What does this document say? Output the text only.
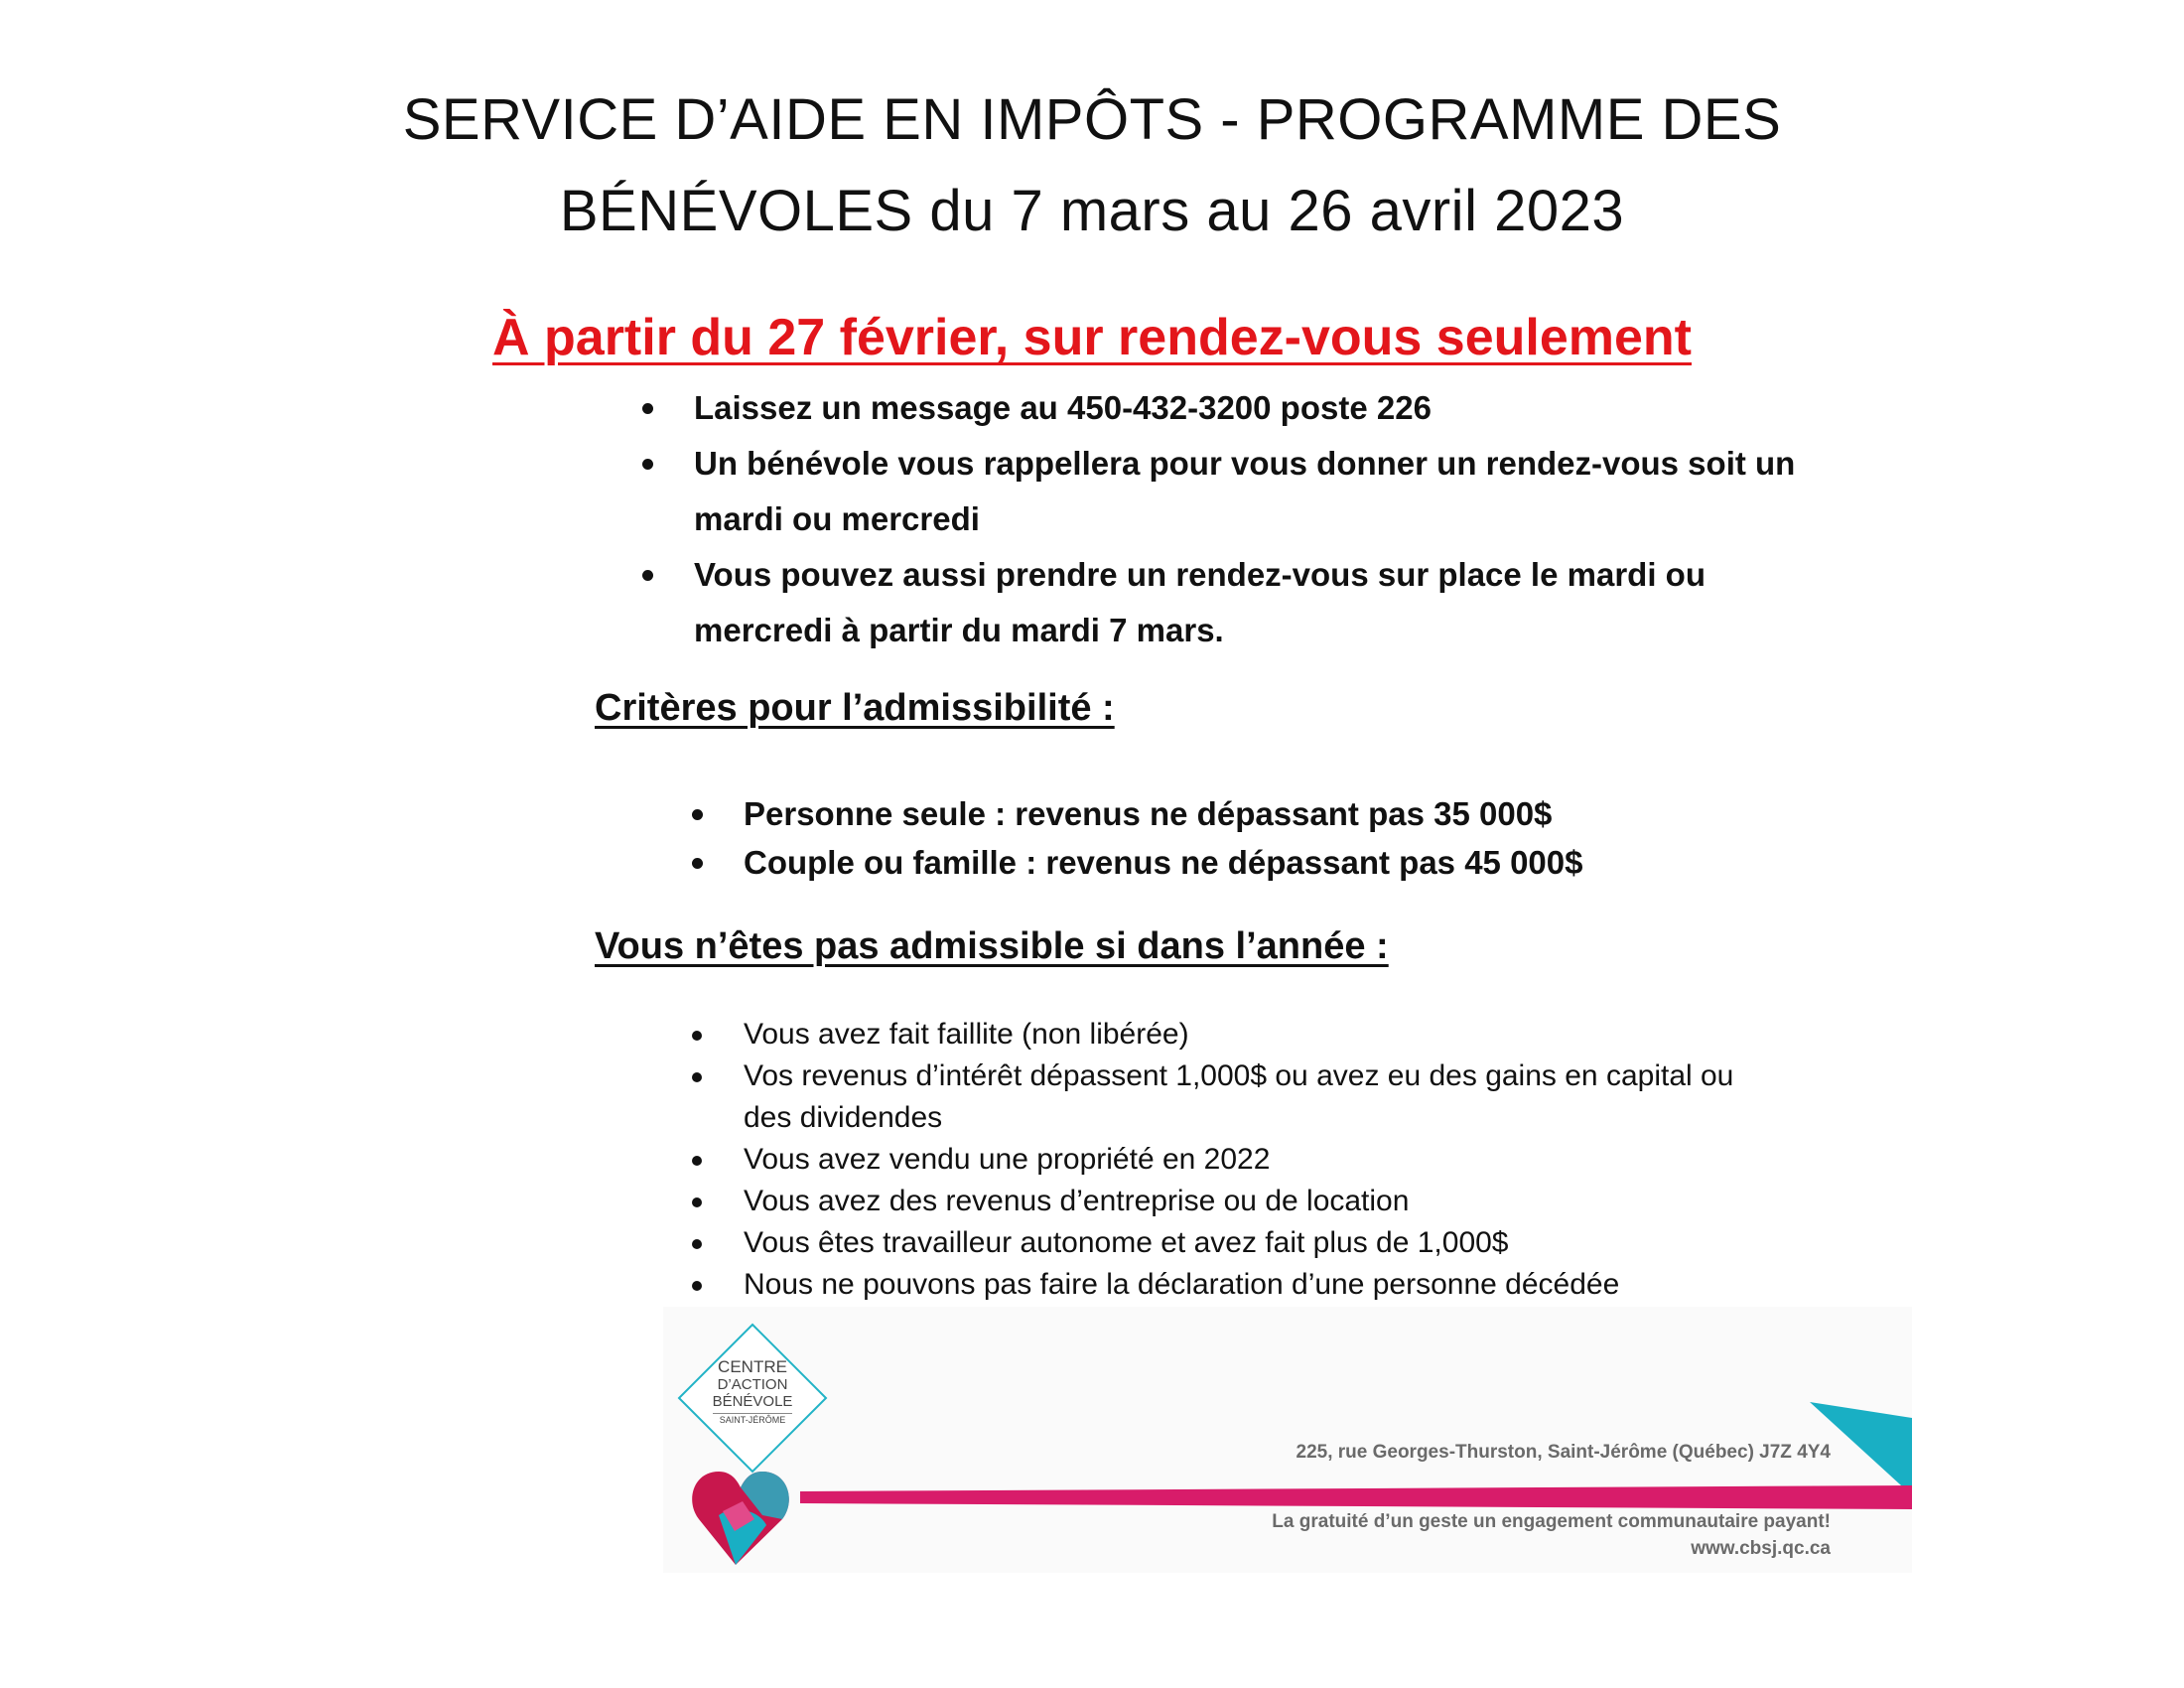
SERVICE D’AIDE EN IMPÔTS - PROGRAMME DES
BÉNÉVOLES du 7 mars au 26 avril 2023
À partir du 27 février, sur rendez-vous seulement
Laissez un message au 450-432-3200 poste 226
Un bénévole vous rappellera pour vous donner un rendez-vous soit un mardi ou mercredi
Vous pouvez aussi prendre un rendez-vous sur place le mardi ou mercredi à partir du mardi 7 mars.
Critères pour l’admissibilité :
Personne seule : revenus ne dépassant pas 35 000$
Couple ou famille : revenus ne dépassant pas 45 000$
Vous n’êtes pas admissible si dans l’année :
Vous avez fait faillite (non libérée)
Vos revenus d’intérêt dépassent 1,000$ ou avez eu des gains en capital ou des dividendes
Vous avez vendu une propriété en 2022
Vous avez des revenus d’entreprise ou de location
Vous êtes travailleur autonome et avez fait plus de 1,000$
Nous ne pouvons pas faire la déclaration d’une personne décédée
CENTRE
D’ACTION
BÉNÉVOLE
SAINT-JÉRÔME
225, rue Georges-Thurston, Saint-Jérôme (Québec) J7Z 4Y4
La gratuité d’un geste un engagement communautaire payant!
www.cbsj.qc.ca
